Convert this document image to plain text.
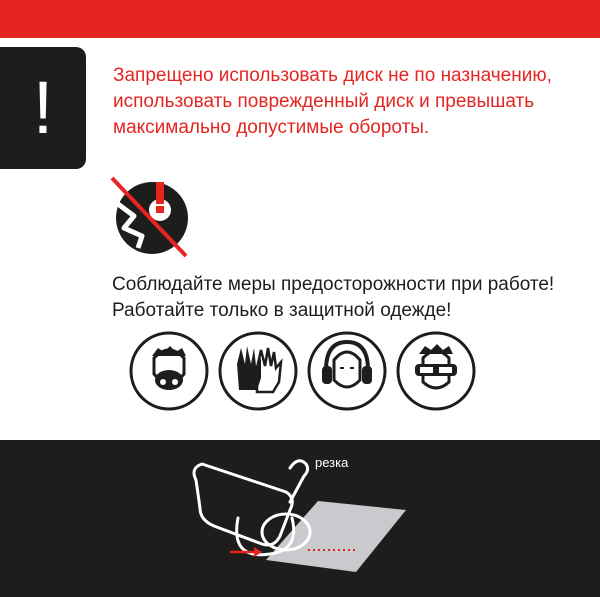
!	Запрещено использовать диск не по назначению, использовать поврежденный диск и превышать максимально допустимые обороты.

Соблюдайте меры предосторожности при работе! Работайте только в защитной одежде!

резка
